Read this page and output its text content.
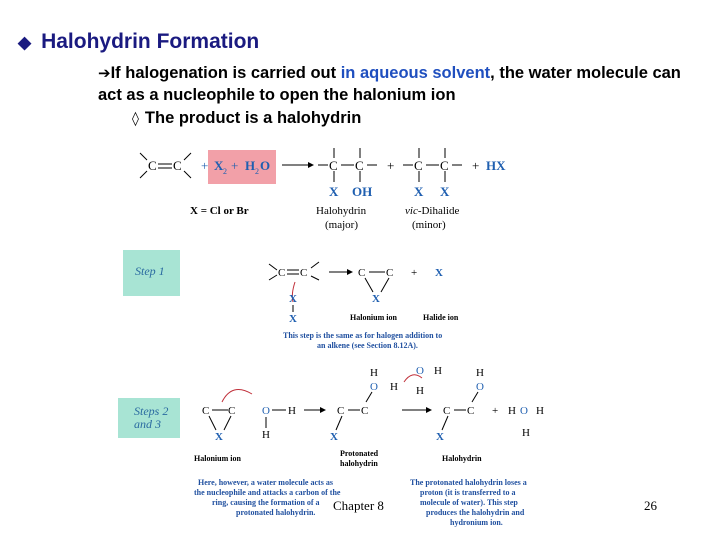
◆ Halohydrin Formation
➔If halogenation is carried out in aqueous solvent, the water molecule can act as a nucleophile to open the halonium ion
◊ The product is a halohydrin
C C + X 2 + H 2 O	C C
X OH
Halohydrin
(major)
+ C C
X X
vic-Dihalide
(minor)
+ HX
X = Cl or Br
Step 1	C C
X
X
C C
X
+ X
Halonium ion	Halide ion
This step is the same as for halogen addition to
an alkene (see Section 8.12A).
Steps 2
and 3
C C
X
O H
H
C C
X
O
H
H
O H
H
C C
X
O
H
+ H O H
H
Halonium ion
Protonated
halohydrin
Halohydrin
Here, however, a water molecule acts as
the nucleophile and attacks a carbon of the
ring, causing the formation of a
protonated halohydrin.
The protonated halohydrin loses a
proton (it is transferred to a
molecule of water). This step
produces the halohydrin and
hydronium ion.
Chapter 8	26
